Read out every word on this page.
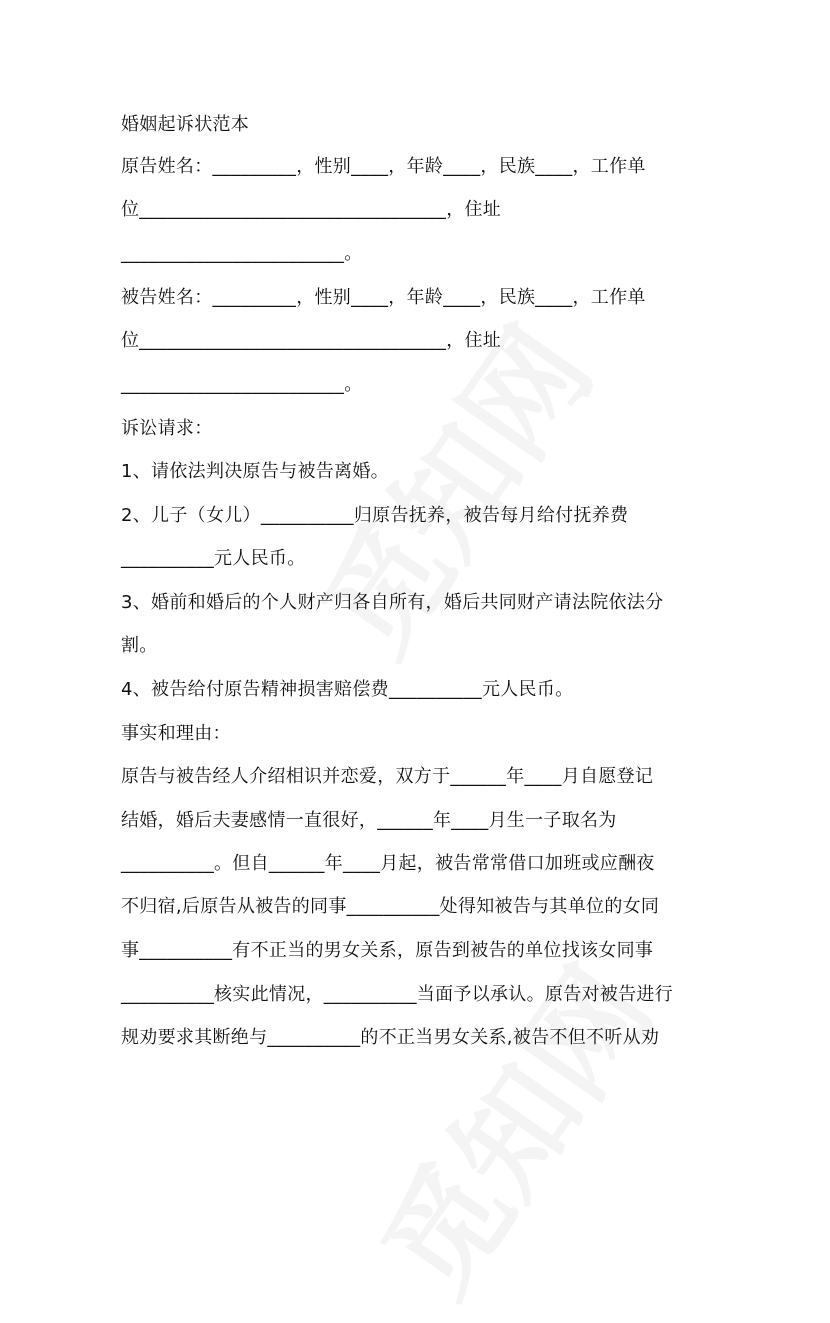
婚姻起诉状范本
原告姓名：_________，性别____，年龄____，民族____，工作单
位_________________________________，住址
________________________。
被告姓名：_________，性别____，年龄____，民族____，工作单
位_________________________________，住址
________________________。
诉讼请求：
1、请依法判决原告与被告离婚。
2、儿子（女儿）__________归原告抚养，被告每月给付抚养费
__________元人民币。
3、婚前和婚后的个人财产归各自所有，婚后共同财产请法院依法分
割。
4、被告给付原告精神损害赔偿费__________元人民币。
事实和理由：
原告与被告经人介绍相识并恋爱，双方于______年____月自愿登记
结婚，婚后夫妻感情一直很好，______年____月生一子取名为
__________。但自______年____月起，被告常常借口加班或应酬夜
不归宿,后原告从被告的同事__________处得知被告与其单位的女同
事__________有不正当的男女关系，原告到被告的单位找该女同事
__________核实此情况，__________当面予以承认。原告对被告进行
规劝要求其断绝与__________的不正当男女关系,被告不但不听从劝
